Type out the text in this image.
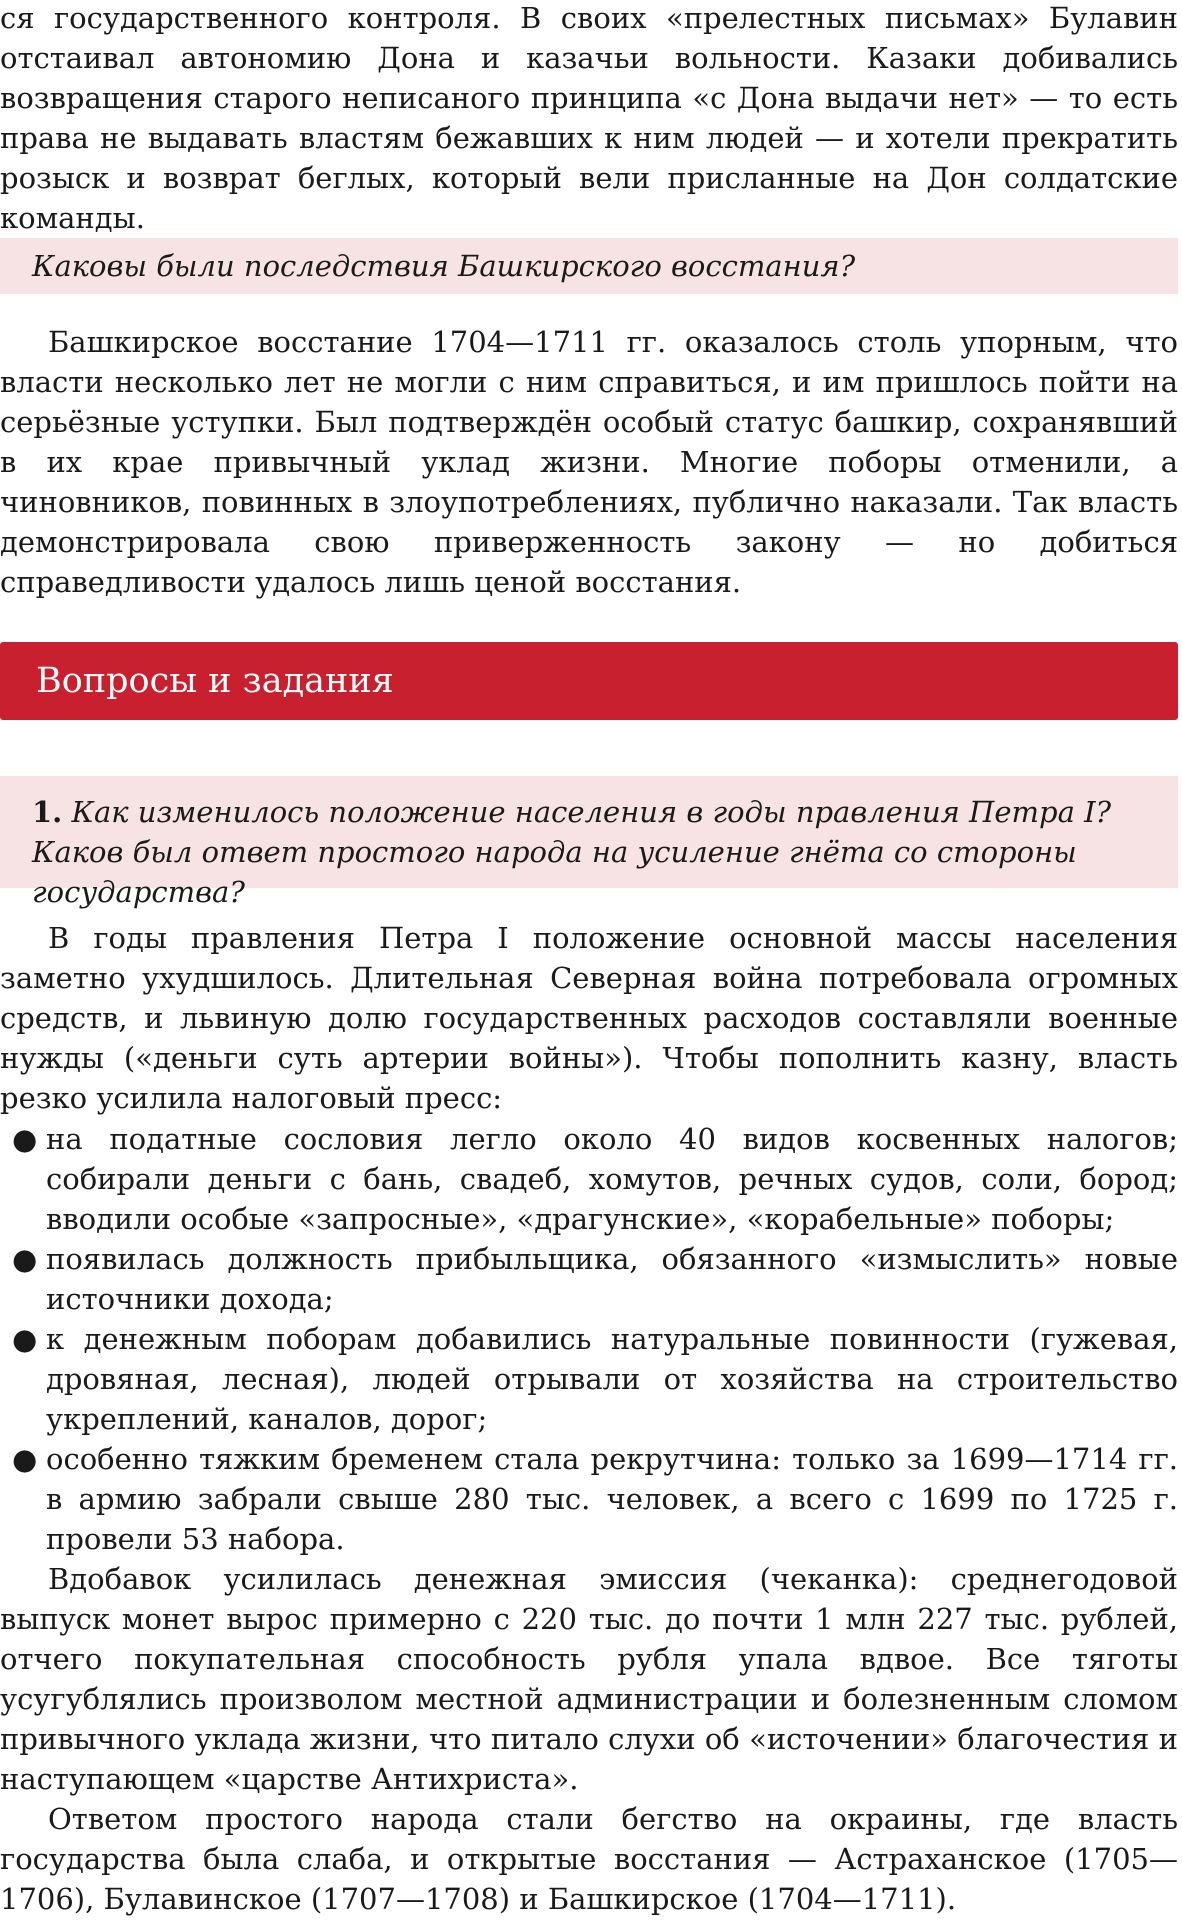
ся государственного контроля. В своих «прелестных письмах» Булавин отстаивал автономию Дона и казачьи вольности. Казаки добивались возвращения старого неписаного принципа «с Дона выдачи нет» — то есть права не выдавать властям бежавших к ним людей — и хотели прекратить розыск и возврат беглых, который вели присланные на Дон солдатские команды.

Каковы были последствия Башкирского восстания?

Башкирское восстание 1704—1711 гг. оказалось столь упорным, что власти несколько лет не могли с ним справиться, и им пришлось пойти на серьёзные уступки. Был подтверждён особый статус башкир, сохранявший в их крае привычный уклад жизни. Многие поборы отменили, а чиновников, повинных в злоупотреблениях, публично наказали. Так власть демонстрировала свою приверженность закону — но добиться справедливости удалось лишь ценой восстания.

Вопросы и задания
1. Как изменилось положение населения в годы правления Петра I? Каков был ответ простого народа на усиление гнёта со стороны государства?

В годы правления Петра I положение основной массы населения заметно ухудшилось. Длительная Северная война потребовала огромных средств, и львиную долю государственных расходов составляли военные нужды («деньги суть артерии войны»). Чтобы пополнить казну, власть резко усилила налоговый пресс:

● на податные сословия легло около 40 видов косвенных налогов; собирали деньги с бань, свадеб, хомутов, речных судов, соли, бород; вводили особые «запросные», «драгунские», «корабельные» поборы;
● появилась должность прибыльщика, обязанного «измыслить» новые источники дохода;
● к денежным поборам добавились натуральные повинности (гужевая, дровяная, лесная), людей отрывали от хозяйства на строительство укреплений, каналов, дорог;
● особенно тяжким бременем стала рекрутчина: только за 1699—1714 гг. в армию забрали свыше 280 тыс. человек, а всего с 1699 по 1725 г. провели 53 набора.

Вдобавок усилилась денежная эмиссия (чеканка): среднегодовой выпуск монет вырос примерно с 220 тыс. до почти 1 млн 227 тыс. рублей, отчего покупательная способность рубля упала вдвое. Все тяготы усугублялись произволом местной администрации и болезненным сломом привычного уклада жизни, что питало слухи об «источении» благочестия и наступающем «царстве Антихриста».

Ответом простого народа стали бегство на окраины, где власть государства была слаба, и открытые восстания — Астраханское (1705—1706), Булавинское (1707—1708) и Башкирское (1704—1711).
